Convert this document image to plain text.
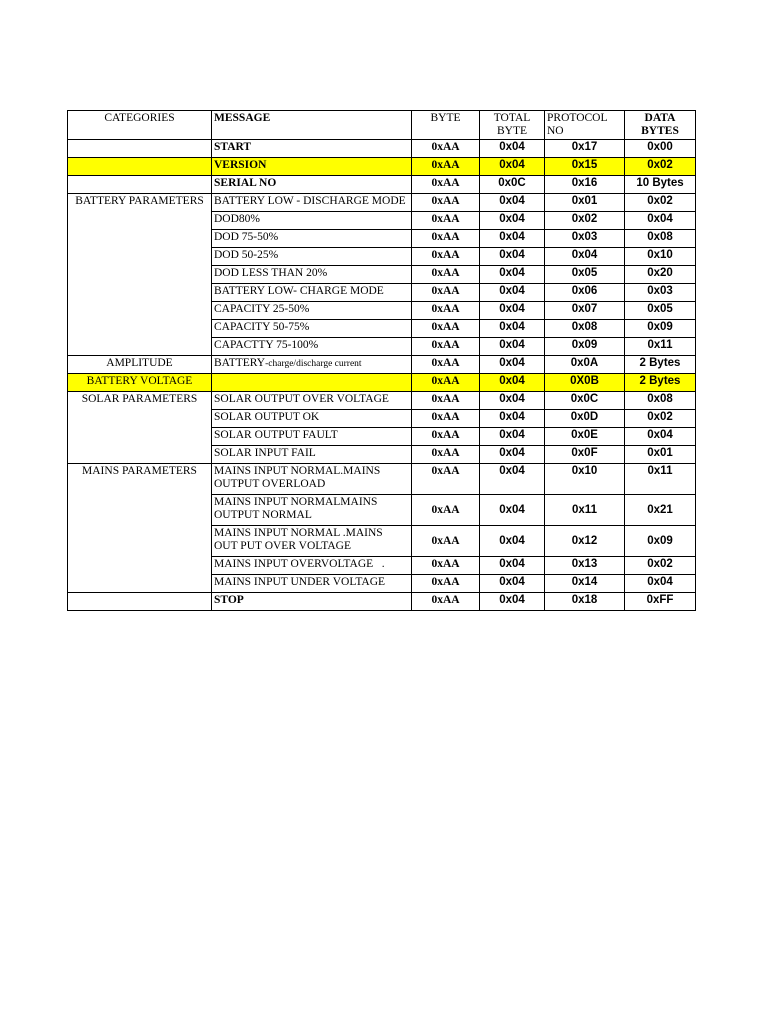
CATEGORIES	MESSAGE	BYTE	TOTAL BYTE	PROTOCOL NO	DATA BYTES
	START	0xAA	0x04	0x17	0x00
	VERSION	0xAA	0x04	0x15	0x02
	SERIAL NO	0xAA	0x0C	0x16	10 Bytes
BATTERY PARAMETERS	BATTERY LOW - DISCHARGE MODE	0xAA	0x04	0x01	0x02
	DOD80%	0xAA	0x04	0x02	0x04
	DOD 75-50%	0xAA	0x04	0x03	0x08
	DOD 50-25%	0xAA	0x04	0x04	0x10
	DOD LESS THAN 20%	0xAA	0x04	0x05	0x20
	BATTERY LOW- CHARGE MODE	0xAA	0x04	0x06	0x03
	CAPACITY 25-50%	0xAA	0x04	0x07	0x05
	CAPACITY 50-75%	0xAA	0x04	0x08	0x09
	CAPACTTY 75-100%	0xAA	0x04	0x09	0x11
AMPLITUDE	BATTERY-charge/discharge current	0xAA	0x04	0x0A	2 Bytes
BATTERY VOLTAGE		0xAA	0x04	0X0B	2 Bytes
SOLAR PARAMETERS	SOLAR OUTPUT OVER VOLTAGE	0xAA	0x04	0x0C	0x08
	SOLAR OUTPUT OK	0xAA	0x04	0x0D	0x02
	SOLAR OUTPUT FAULT	0xAA	0x04	0x0E	0x04
	SOLAR INPUT FAIL	0xAA	0x04	0x0F	0x01
MAINS PARAMETERS	MAINS INPUT NORMAL.MAINS OUTPUT OVERLOAD	0xAA	0x04	0x10	0x11
	MAINS INPUT NORMALMAINS OUTPUT NORMAL	0xAA	0x04	0x11	0x21
	MAINS INPUT NORMAL .MAINS OUT PUT OVER VOLTAGE	0xAA	0x04	0x12	0x09
	MAINS INPUT OVERVOLTAGE   .	0xAA	0x04	0x13	0x02
	MAINS INPUT UNDER VOLTAGE	0xAA	0x04	0x14	0x04
	STOP	0xAA	0x04	0x18	0xFF
